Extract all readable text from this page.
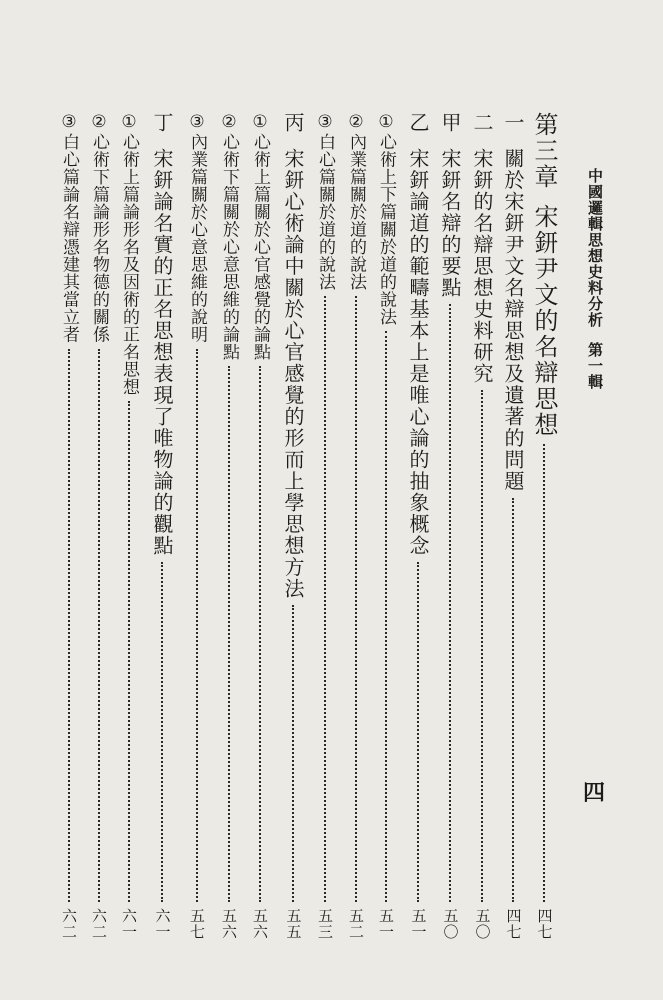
中國邏輯思想史料分析第一輯
四
第三章
宋鈃尹文的名辯思想
四七
一
關於宋鈃尹文名辯思想及遺著的問題
四七
二
宋鈃的名辯思想史料研究
五〇
甲
宋鈃名辯的要點
五〇
乙
宋鈃論道的範疇基本上是唯心論的抽象概念
五一
①
心術上下篇關於道的說法
五一
②
內業篇關於道的說法
五二
③
白心篇關於道的說法
五三
丙
宋鈃心術論中關於心官感覺的形而上學思想方法
五五
①
心術上篇關於心官感覺的論點
五六
②
心術下篇關於心意思維的論點
五六
③
內業篇關於心意思維的說明
五七
丁
宋鈃論名實的正名思想表現了唯物論的觀點
六一
①
心術上篇論形名及因術的正名思想
六一
②
心術下篇論形名物德的關係
六二
③
白心篇論名辯憑建其當立者
六二
